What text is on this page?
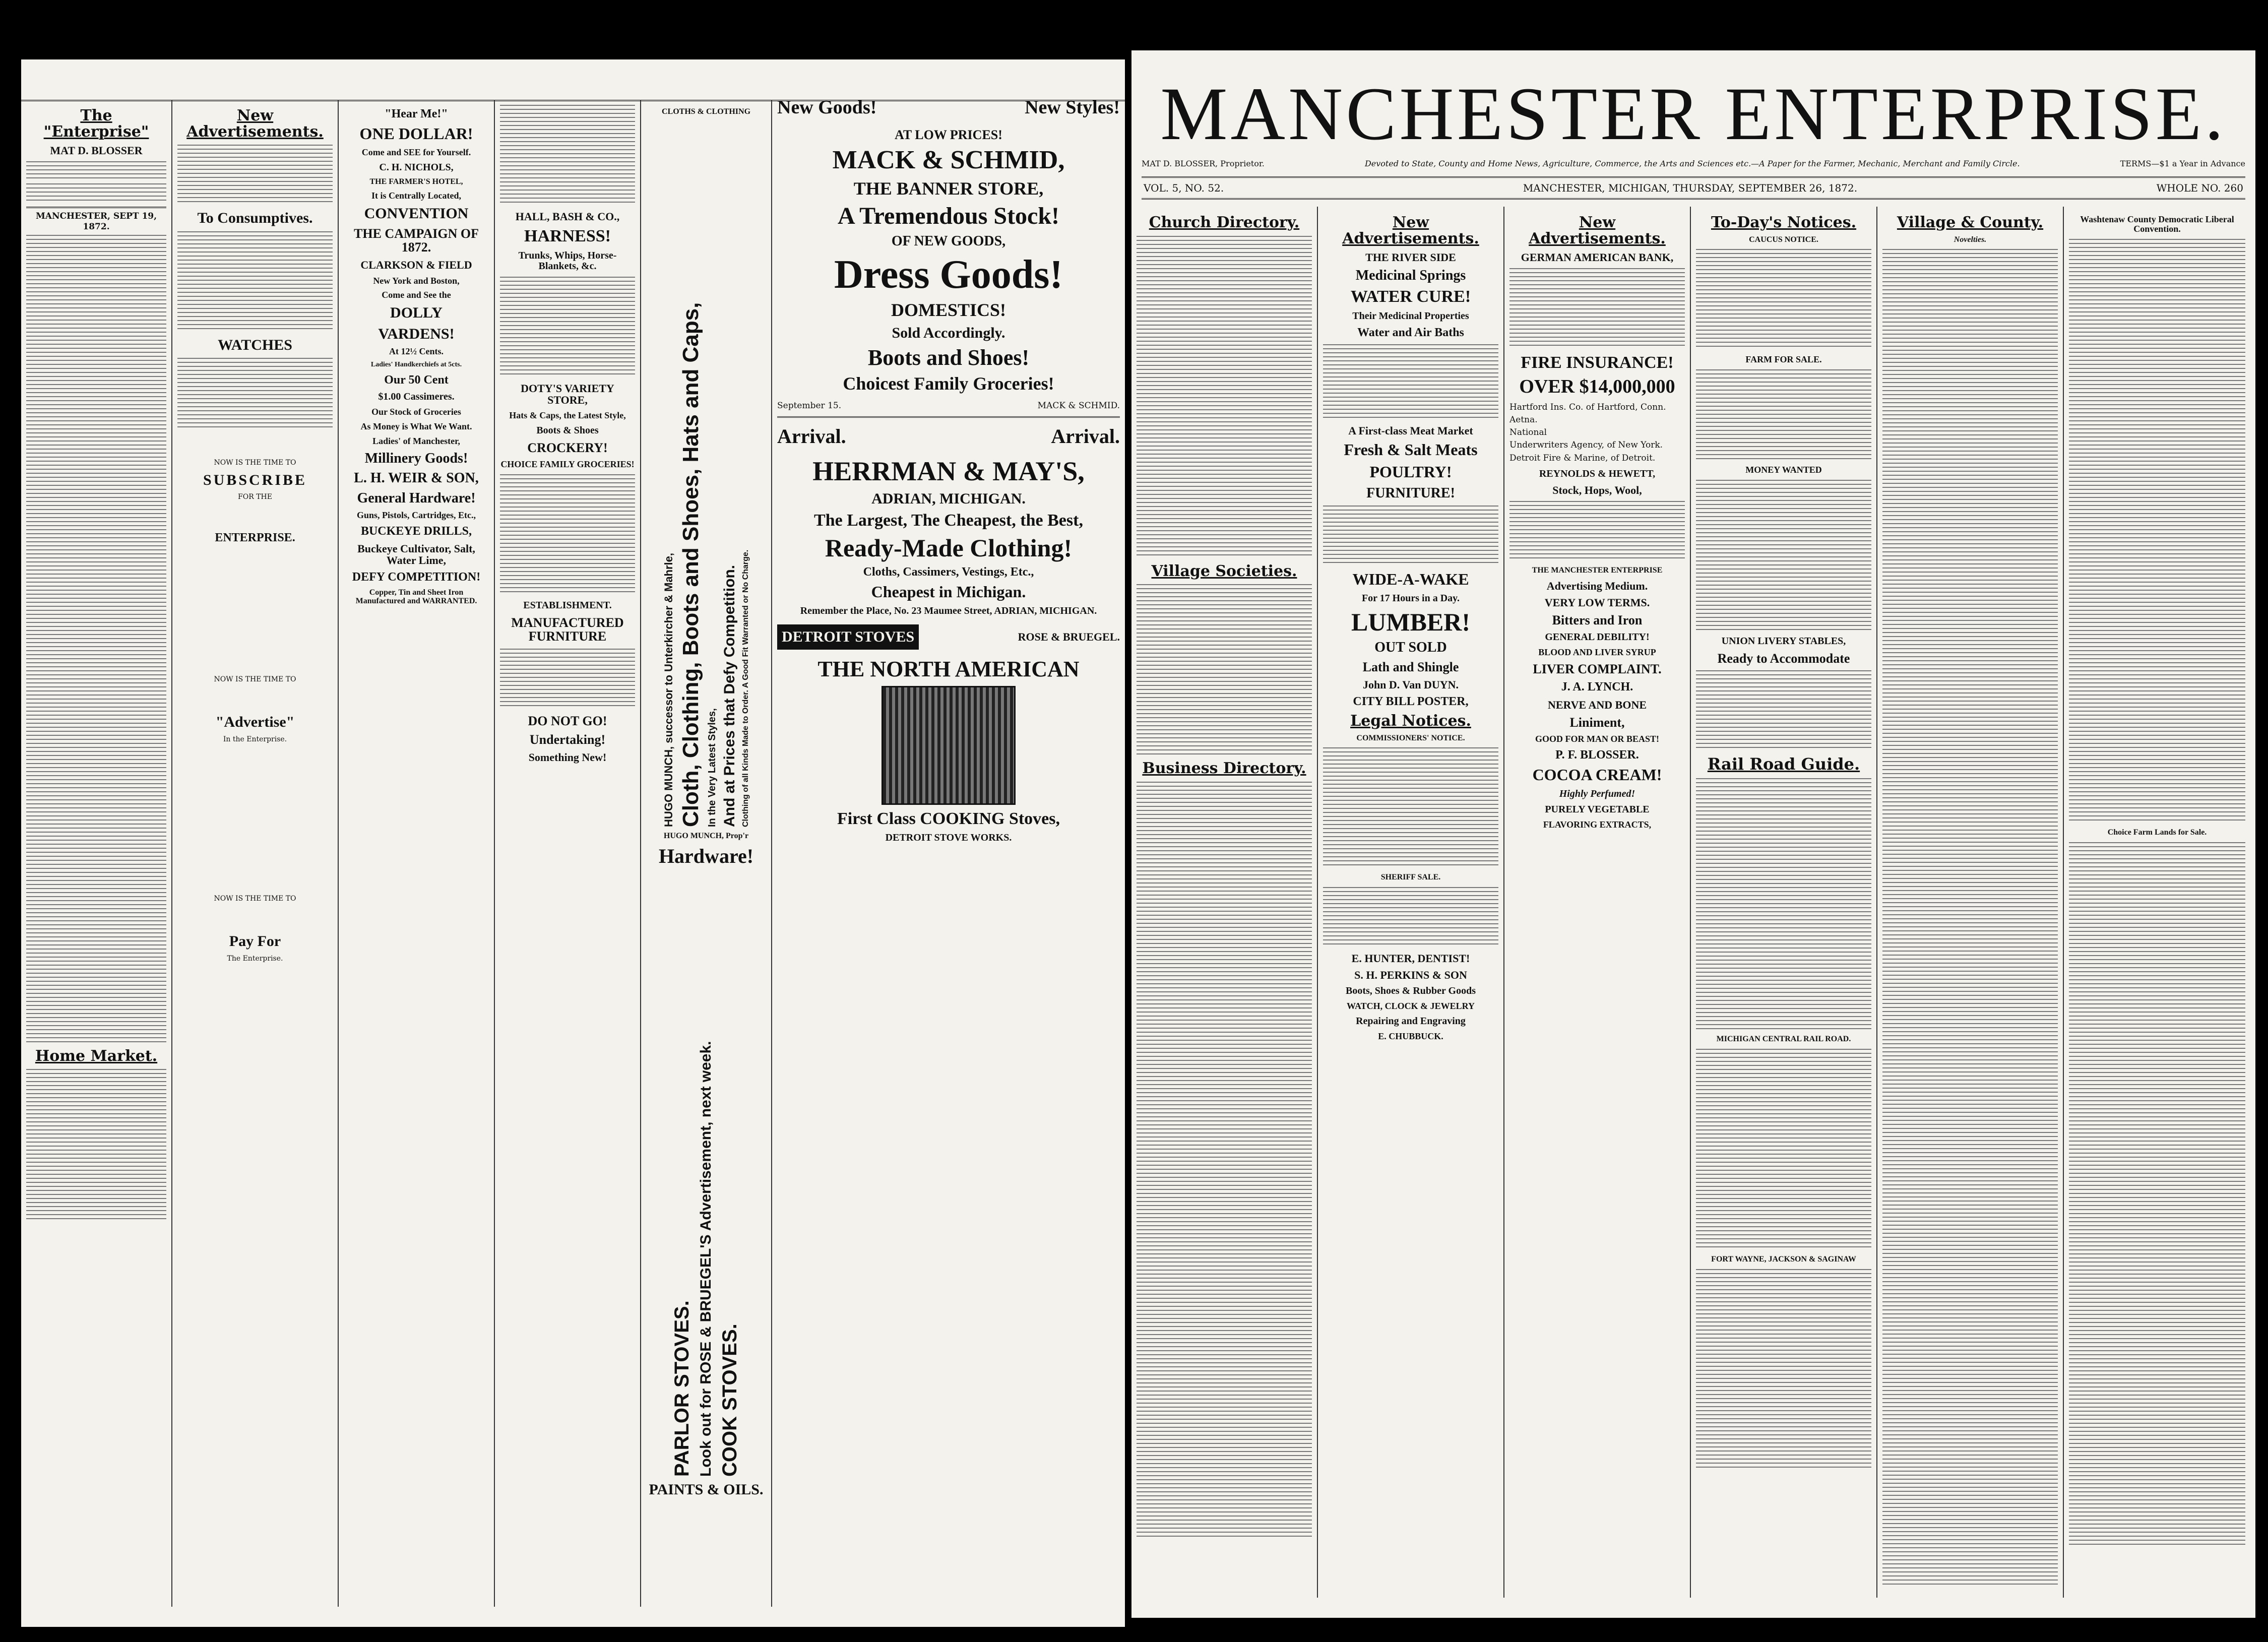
The "Enterprise"
MAT D. BLOSSER
MANCHESTER, SEPT 19, 1872.
Home Market.
New Advertisements.
To Consumptives.
WATCHES
NOW IS THE TIME TO
SUBSCRIBE
FOR THE
ENTERPRISE.
NOW IS THE TIME TO
"Advertise"
In the Enterprise.
NOW IS THE TIME TO
Pay For
The Enterprise.
"Hear Me!"
ONE DOLLAR!
Come and SEE for Yourself.
C. H. NICHOLS,
THE FARMER'S HOTEL,
It is Centrally Located,
CONVENTION
THE CAMPAIGN OF 1872.
CLARKSON & FIELD
New York and Boston,
Come and See the
DOLLY
VARDENS!
At 12½ Cents.
Ladies' Handkerchiefs at 5cts.
Our 50 Cent
$1.00 Cassimeres.
Our Stock of Groceries
As Money is What We Want.
Ladies' of Manchester,
Millinery Goods!
L. H. WEIR & SON,
General Hardware!
Guns, Pistols, Cartridges, Etc.,
BUCKEYE DRILLS,
Buckeye Cultivator, Salt, Water Lime,
DEFY COMPETITION!
Copper, Tin and Sheet Iron Manufactured and WARRANTED.
HALL, BASH & CO.,
HARNESS!
Trunks, Whips, Horse-Blankets, &c.
DOTY'S VARIETY STORE,
Hats & Caps, the Latest Style,
Boots & Shoes
CROCKERY!
CHOICE FAMILY GROCERIES!
ESTABLISHMENT.
MANUFACTURED FURNITURE
DO NOT GO!
Undertaking!
Something New!
CLOTHS & CLOTHING
HUGO MUNCH, successor to Unterkircher & Mahrle, Cloth, Clothing, Boots and Shoes, Hats and Caps, In the Very Latest Styles, And at Prices that Defy Competition. Clothing of all Kinds Made to Order. A Good Fit Warranted or No Charge.
HUGO MUNCH, Prop'r
Hardware!
PARLOR STOVES. Look out for ROSE & BRUEGEL'S Advertisement, next week. COOK STOVES.
PAINTS & OILS.
New Goods!	New Styles!
AT LOW PRICES!
MACK & SCHMID,
THE BANNER STORE,
A Tremendous Stock!
OF NEW GOODS,
Dress Goods!
DOMESTICS!
Sold Accordingly.
Boots and Shoes!
Choicest Family Groceries!
September 15.	MACK & SCHMID.
Arrival.	Arrival.
HERRMAN & MAY'S,
ADRIAN, MICHIGAN.
The Largest, The Cheapest, the Best,
Ready-Made Clothing!
Cloths, Cassimers, Vestings, Etc.,
Cheapest in Michigan.
Remember the Place, No. 23 Maumee Street, ADRIAN, MICHIGAN.
DETROIT STOVES	ROSE & BRUEGEL.
THE NORTH AMERICAN
First Class COOKING Stoves,
DETROIT STOVE WORKS.
MANCHESTER ENTERPRISE.
MAT D. BLOSSER, Proprietor.	Devoted to State, County and Home News, Agriculture, Commerce, the Arts and Sciences etc.—A Paper for the Farmer, Mechanic, Merchant and Family Circle.	TERMS—$1 a Year in Advance
VOL. 5, NO. 52.	MANCHESTER, MICHIGAN, THURSDAY, SEPTEMBER 26, 1872.	WHOLE NO. 260
Church Directory.
Village Societies.
Business Directory.
New Advertisements.
THE RIVER SIDE
Medicinal Springs
WATER CURE!
Their Medicinal Properties
Water and Air Baths
A First-class Meat Market
Fresh & Salt Meats
POULTRY!
FURNITURE!
WIDE-A-WAKE
For 17 Hours in a Day.
LUMBER!
OUT SOLD
Lath and Shingle
John D. Van DUYN.
CITY BILL POSTER,
Legal Notices.
COMMISSIONERS' NOTICE.
SHERIFF SALE.
E. HUNTER, DENTIST!
S. H. PERKINS & SON
Boots, Shoes & Rubber Goods
WATCH, CLOCK & JEWELRY
Repairing and Engraving
E. CHUBBUCK.
New Advertisements.
GERMAN AMERICAN BANK,
FIRE INSURANCE!
OVER $14,000,000
Hartford Ins. Co. of Hartford, Conn.
Aetna.
National
Underwriters Agency, of New York.
Detroit Fire & Marine, of Detroit.
REYNOLDS & HEWETT,
Stock, Hops, Wool,
THE MANCHESTER ENTERPRISE
Advertising Medium.
VERY LOW TERMS.
Bitters and Iron
GENERAL DEBILITY!
BLOOD AND LIVER SYRUP
LIVER COMPLAINT.
J. A. LYNCH.
NERVE AND BONE
Liniment,
GOOD FOR MAN OR BEAST!
P. F. BLOSSER.
COCOA CREAM!
Highly Perfumed!
PURELY VEGETABLE
FLAVORING EXTRACTS,
To-Day's Notices.
CAUCUS NOTICE.
FARM FOR SALE.
MONEY WANTED
UNION LIVERY STABLES,
Ready to Accommodate
Rail Road Guide.
MICHIGAN CENTRAL RAIL ROAD.
FORT WAYNE, JACKSON & SAGINAW
Village & County.
Novelties.
Washtenaw County Democratic Liberal Convention.
Choice Farm Lands for Sale.
